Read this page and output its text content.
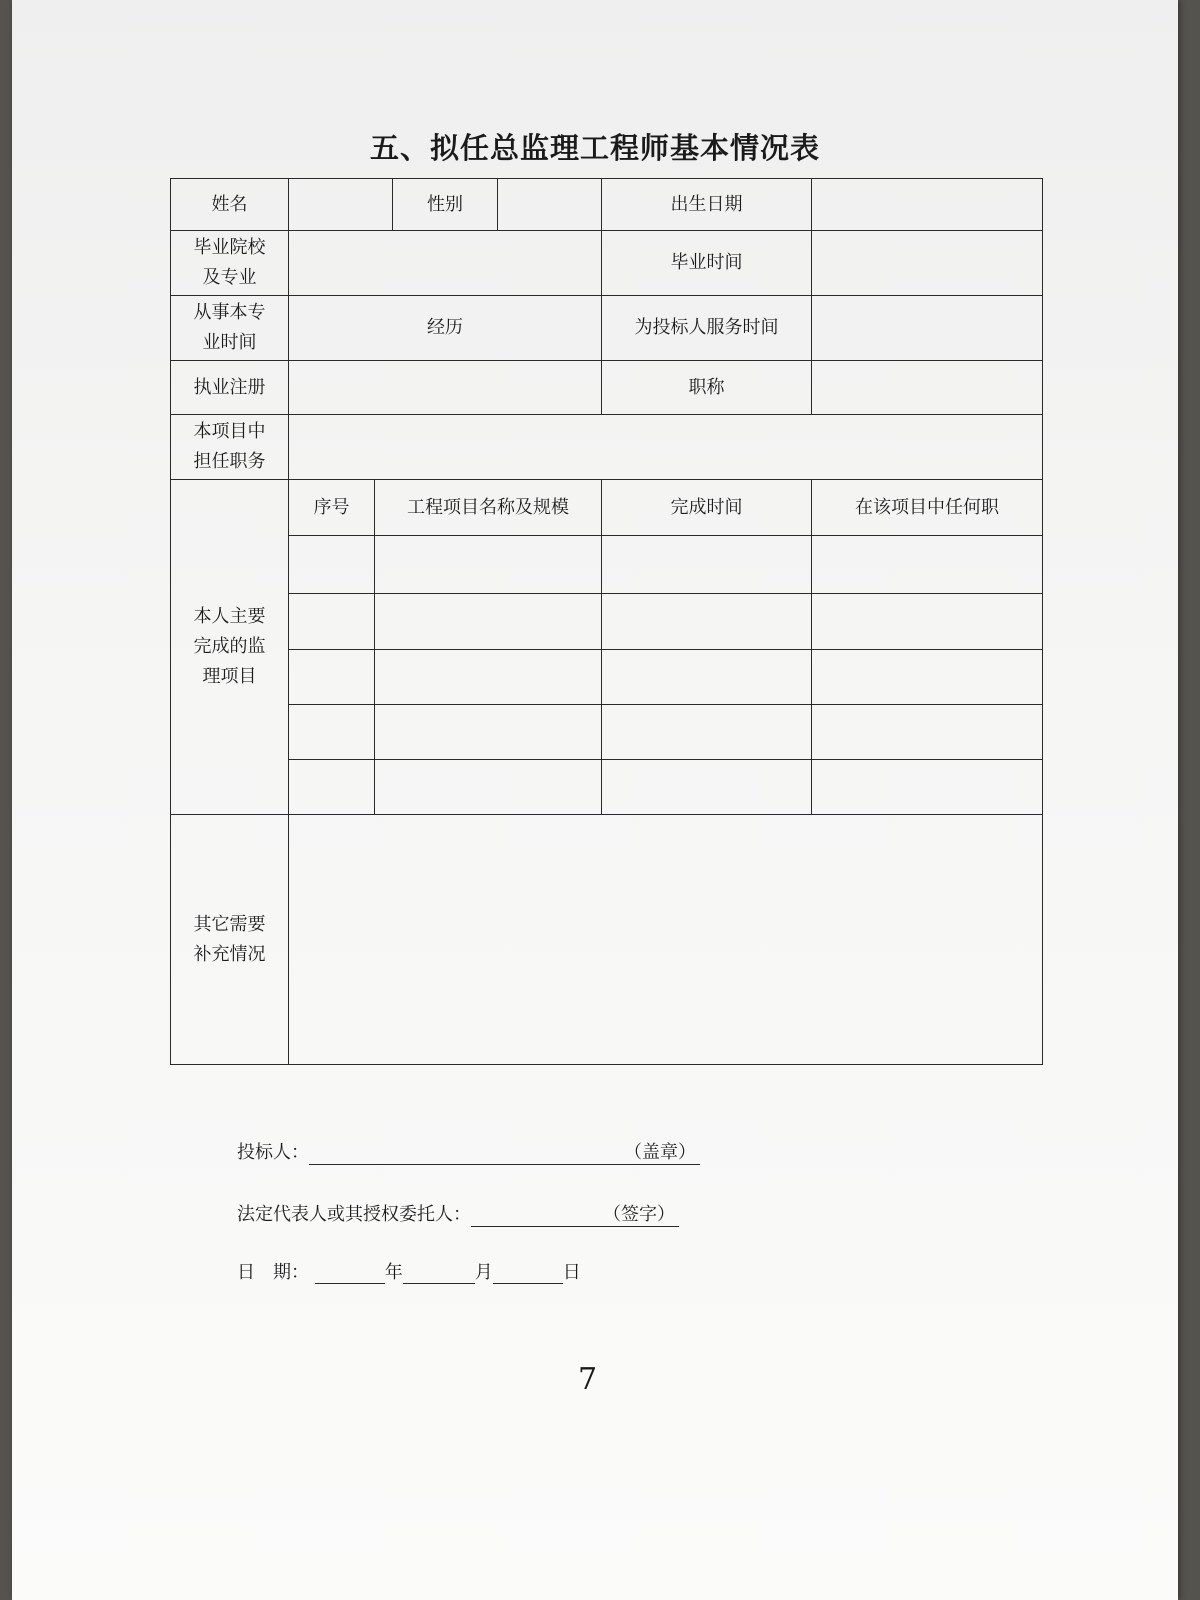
五、拟任总监理工程师基本情况表
姓名			性别		出生日期	
毕业院校
及专业					毕业时间	
从事本专
业时间	经历				为投标人服务时间	
执业注册					职称	
本项目中
担任职务						
本人主要
完成的监
理项目	序号	工程项目名称及规模			完成时间	在该项目中任何职

其它需要
补充情况						
投标人：	（盖章）
法定代表人或其授权委托人：	（签字）
日　期：	年	月	日
7
